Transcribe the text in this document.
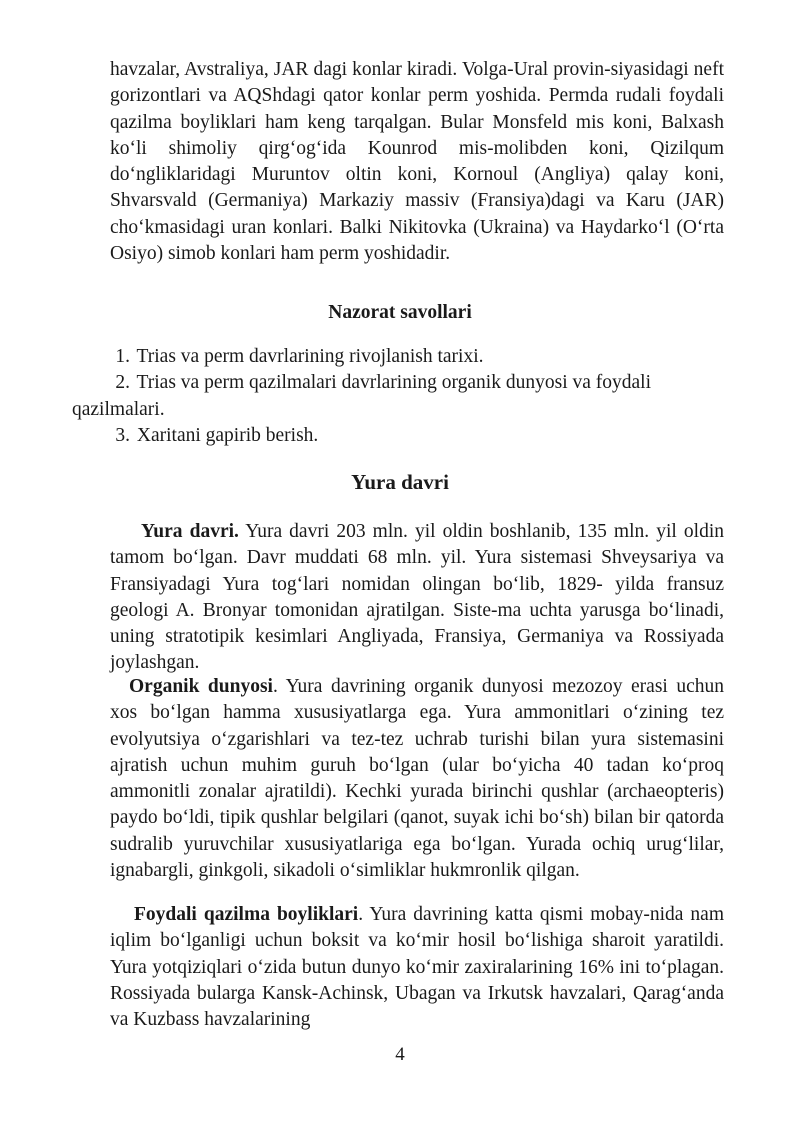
havzalar, Avstraliya, JAR dagi konlar kiradi. Volga-Ural provin-siyasidagi neft gorizontlari va AQShdagi qator konlar perm yoshida. Permda rudali foydali qazilma boyliklari ham keng tarqalgan. Bular Monsfeld mis koni, Balxash ko‘li shimoliy qirg‘og‘ida Kounrod mis-molibden koni, Qizilqum do‘ngliklaridagi Muruntov oltin koni, Kornoul (Angliya) qalay koni, Shvarsvald (Germaniya) Markaziy massiv (Fransiya)dagi va Karu (JAR) cho‘kmasidagi uran konlari. Balki Nikitovka (Ukraina) va Haydarko‘l (O‘rta Osiyo) simob konlari ham perm yoshidadir.
Nazorat savollari
1. Trias va perm davrlarining rivojlanish tarixi.
2. Trias va perm qazilmalari davrlarining organik dunyosi va foydali qazilmalari.
3. Xaritani gapirib berish.
Yura davri
Yura davri. Yura davri 203 mln. yil oldin boshlanib, 135 mln. yil oldin tamom bo‘lgan. Davr muddati 68 mln. yil. Yura sistemasi Shveysariya va Fransiyadagi Yura tog‘lari nomidan olingan bo‘lib, 1829- yilda fransuz geologi A. Bronyar tomonidan ajratilgan. Siste-ma uchta yarusga bo‘linadi, uning stratotipik kesimlari Angliyada, Fransiya, Germaniya va Rossiyada joylashgan.
Organik dunyosi. Yura davrining organik dunyosi mezozoy erasi uchun xos bo‘lgan hamma xususiyatlarga ega. Yura ammonitlari o‘zining tez evolyutsiya o‘zgarishlari va tez-tez uchrab turishi bilan yura sistemasini ajratish uchun muhim guruh bo‘lgan (ular bo‘yicha 40 tadan ko‘proq ammonitli zonalar ajratildi). Kechki yurada birinchi qushlar (archaeopteris) paydo bo‘ldi, tipik qushlar belgilari (qanot, suyak ichi bo‘sh) bilan bir qatorda sudralib yuruvchilar xususiyatlariga ega bo‘lgan. Yurada ochiq urug‘lilar, ignabargli, ginkgoli, sikadoli o‘simliklar hukmronlik qilgan.
Foydali qazilma boyliklari. Yura davrining katta qismi mobay-nida nam iqlim bo‘lganligi uchun boksit va ko‘mir hosil bo‘lishiga sharoit yaratildi. Yura yotqiziqlari o‘zida butun dunyo ko‘mir zaxiralarining 16% ini to‘plagan. Rossiyada bularga Kansk-Achinsk, Ubagan va Irkutsk havzalari, Qarag‘anda va Kuzbass havzalarining
4
